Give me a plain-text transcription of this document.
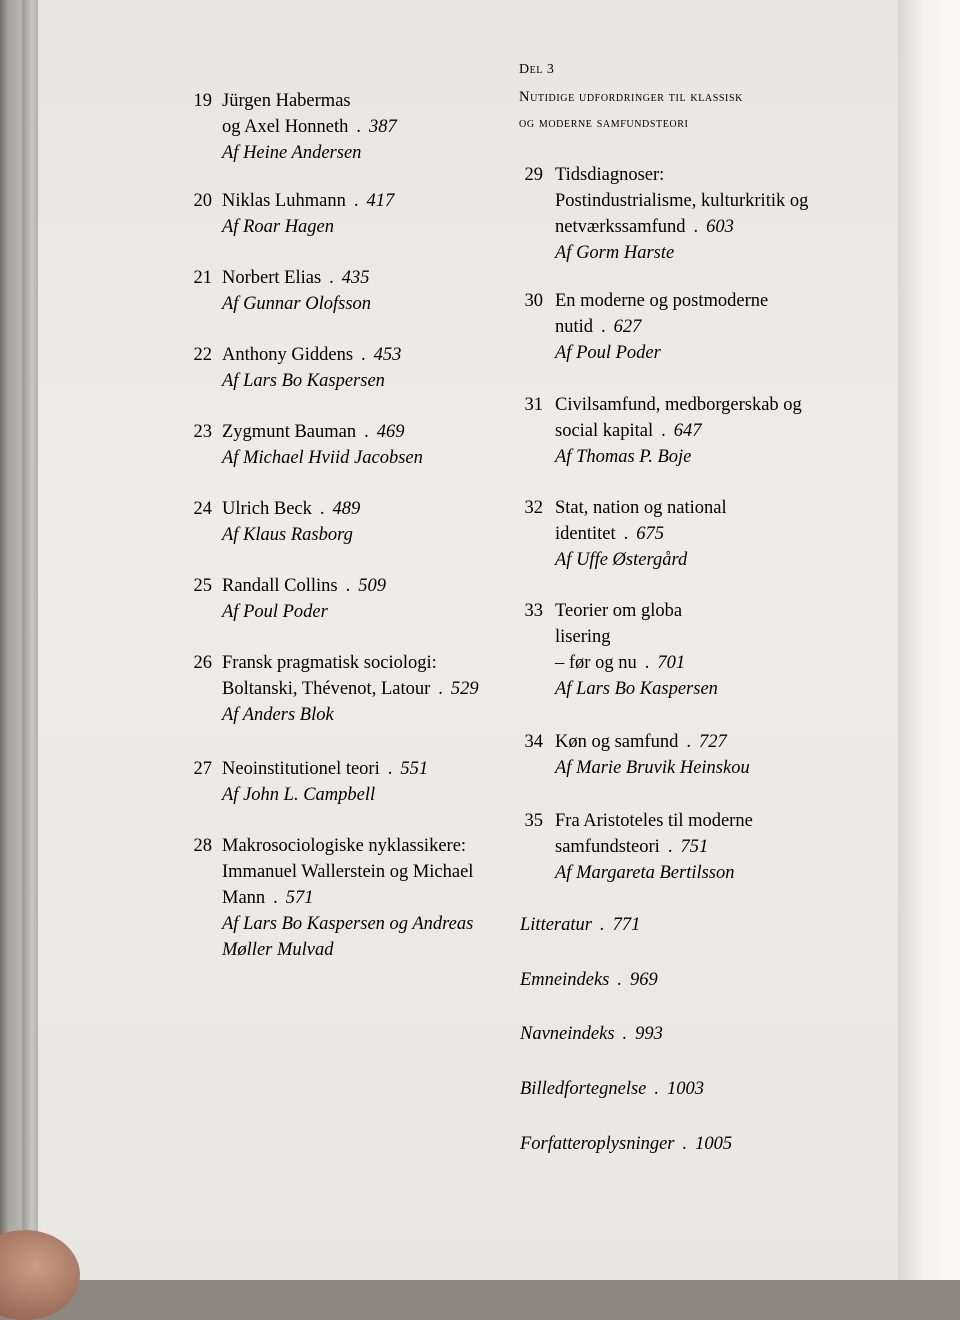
19 Jürgen Habermas
og Axel Honneth . 387
Af Heine Andersen
20 Niklas Luhmann . 417
Af Roar Hagen
21 Norbert Elias . 435
Af Gunnar Olofsson
22 Anthony Giddens . 453
Af Lars Bo Kaspersen
23 Zygmunt Bauman . 469
Af Michael Hviid Jacobsen
24 Ulrich Beck . 489
Af Klaus Rasborg
25 Randall Collins . 509
Af Poul Poder
26 Fransk pragmatisk sociologi:
Boltanski, Thévenot, Latour . 529
Af Anders Blok
27 Neoinstitutionel teori . 551
Af John L. Campbell
28 Makrosociologiske nyklassikere:
Immanuel Wallerstein og Michael
Mann . 571
Af Lars Bo Kaspersen og Andreas
Møller Mulvad
29 Tidsdiagnoser:
Postindustrialisme, kulturkritik og
netværkssamfund . 603
Af Gorm Harste
30 En moderne og postmoderne
nutid . 627
Af Poul Poder
31 Civilsamfund, medborgerskab og
social kapital . 647
Af Thomas P. Boje
32 Stat, nation og national
identitet . 675
Af Uffe Østergård
33 Teorier om globa
lisering
– før og nu . 701
Af Lars Bo Kaspersen
34 Køn og samfund . 727
Af Marie Bruvik Heinskou
35 Fra Aristoteles til moderne
samfundsteori . 751
Af Margareta Bertilsson
Del 3
Nutidige udfordringer til klassisk
og moderne samfundsteori
Litteratur . 771
Emneindeks . 969
Navneindeks . 993
Billedfortegnelse . 1003
Forfatteroplysninger . 1005
